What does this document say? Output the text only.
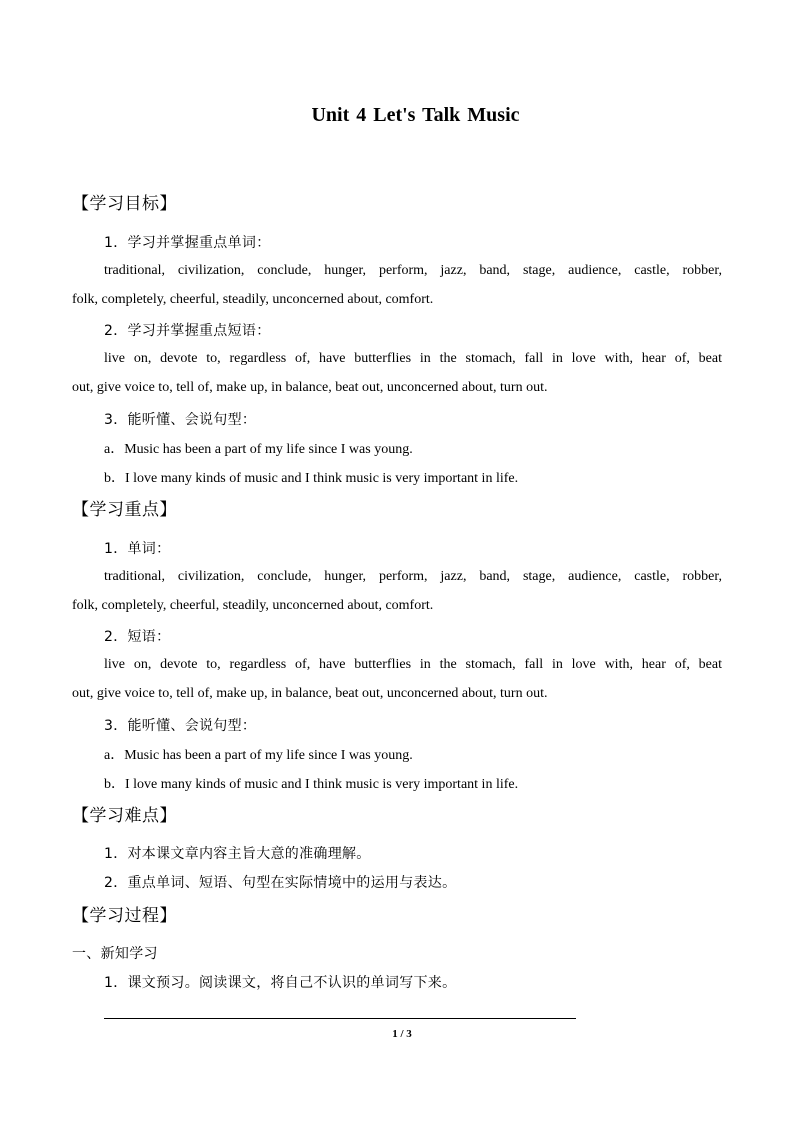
Unit 4 Let's Talk Music
【学习目标】
1．学习并掌握重点单词：
traditional, civilization, conclude, hunger, perform, jazz, band, stage, audience, castle, robber,
folk, completely, cheerful, steadily, unconcerned about, comfort.
2．学习并掌握重点短语：
live on, devote to, regardless of, have butterflies in the stomach, fall in love with, hear of, beat
out, give voice to, tell of, make up, in balance, beat out, unconcerned about, turn out.
3．能听懂、会说句型：
a．Music has been a part of my life since I was young.
b．I love many kinds of music and I think music is very important in life.
【学习重点】
1．单词：
traditional, civilization, conclude, hunger, perform, jazz, band, stage, audience, castle, robber,
folk, completely, cheerful, steadily, unconcerned about, comfort.
2．短语：
live on, devote to, regardless of, have butterflies in the stomach, fall in love with, hear of, beat
out, give voice to, tell of, make up, in balance, beat out, unconcerned about, turn out.
3．能听懂、会说句型：
a．Music has been a part of my life since I was young.
b．I love many kinds of music and I think music is very important in life.
【学习难点】
1．对本课文章内容主旨大意的准确理解。
2．重点单词、短语、句型在实际情境中的运用与表达。
【学习过程】
一、新知学习
1．课文预习。阅读课文，将自己不认识的单词写下来。
1 / 3
